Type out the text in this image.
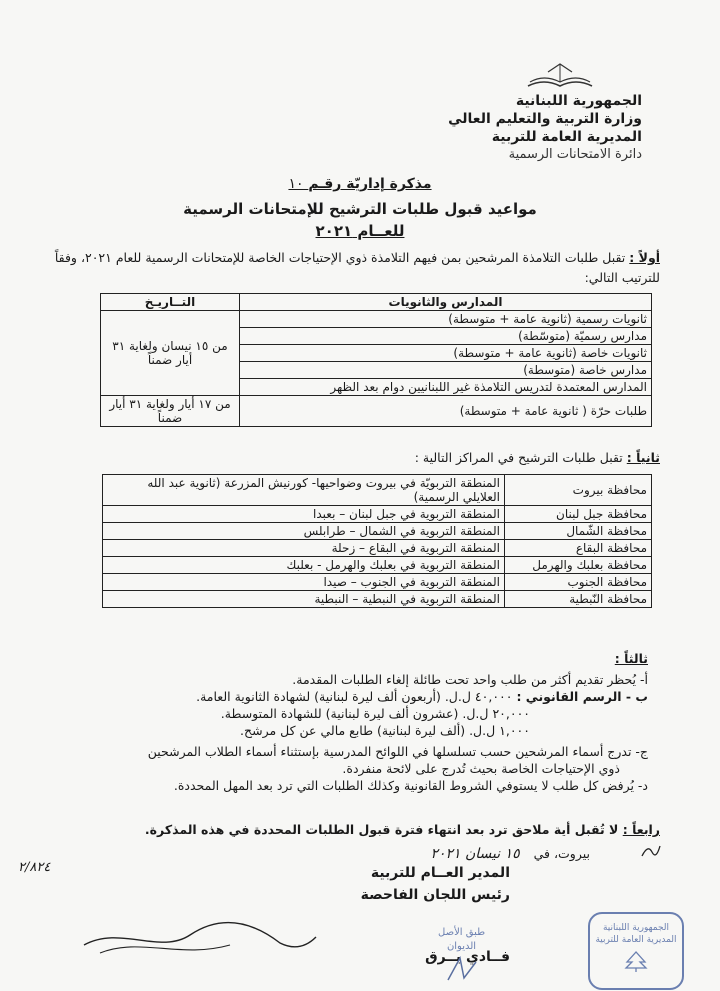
الجمهورية اللبنانية
وزارة التربية والتعليم العالي
المديرية العامة للتربية
دائرة الامتحانات الرسمية
مذكرة إداريّة رقـم ١٠
مواعيد قبول طلبات الترشيح للإمتحانات الرسمية
للعــام ٢٠٢١
أولاً : تقبل طلبات التلامذة المرشحين بمن فيهم التلامذة ذوي الإحتياجات الخاصة للإمتحانات الرسمية للعام ٢٠٢١، وفقاً للترتيب التالي:
المدارس والثانويات	التــاريـخ

ثانويات رسمية (ثانوية عامة + متوسطة)
مدارس رسميّة (متوسّطة)
ثانويات خاصة (ثانوية عامة + متوسطة)
مدارس خاصة (متوسطة)
المدارس المعتمدة لتدريس التلامذة غير اللبنانيين دوام بعد الظهر	من ١٥ نيسان ولغاية ٣١ أيار ضمناً
طلبات حرّة ( ثانوية عامة + متوسطة)	من ١٧ أيار ولغاية ٣١ أيار ضمناً
ثانياً : تقبل طلبات الترشيح في المراكز التالية :
محافظة بيروت	المنطقة التربويّة في بيروت وضواحيها- كورنيش المزرعة (ثانوية عبد الله العلايلي الرسمية)
محافظة جبل لبنان	المنطقة التربوية في جبل لبنان – بعبدا
محافظة الشّمال	المنطقة التربوية في الشمال – طرابلس
محافظة البقاع	المنطقة التربوية في البقاع – زحلة
محافظة بعلبك والهرمل	المنطقة التربوية في بعلبك والهرمل - بعلبك
محافظة الجنوب	المنطقة التربوية في الجنوب – صيدا
محافظة النّبطية	المنطقة التربوية في النبطية – النبطية
ثالثاً :
أ- يُحظر تقديم أكثر من طلب واحد تحت طائلة إلغاء الطلبات المقدمة.
ب - الرسم القانوني : ٤٠,٠٠٠ ل.ل. (أربعون ألف ليرة لبنانية) لشهادة الثانوية العامة.
٢٠,٠٠٠ ل.ل. (عشرون ألف ليرة لبنانية) للشهادة المتوسطة.
١,٠٠٠ ل.ل. (ألف ليرة لبنانية) طابع مالي عن كل مرشح.
ج- تدرج أسماء المرشحين حسب تسلسلها في اللوائح المدرسية بإستثناء أسماء الطلاب المرشحين
ذوي الإحتياجات الخاصة بحيث تُدرج على لائحة منفردة.
د- يُرفض كل طلب لا يستوفي الشروط القانونية وكذلك الطلبات التي ترد بعد المهل المحددة.
رابعاً : لا تُقبل أية ملاحق ترد بعد انتهاء فترة قبول الطلبات المحددة في هذه المذكرة.
بيروت، في ١٥ نيسان ٢٠٢١
٢/٨٢٤	المدير العــام للتربية
رئيس اللجان الفاحصة
فــادي يــرق
طبق الأصل
الديوان
الجمهورية اللبنانية
المديرية العامة للتربية
